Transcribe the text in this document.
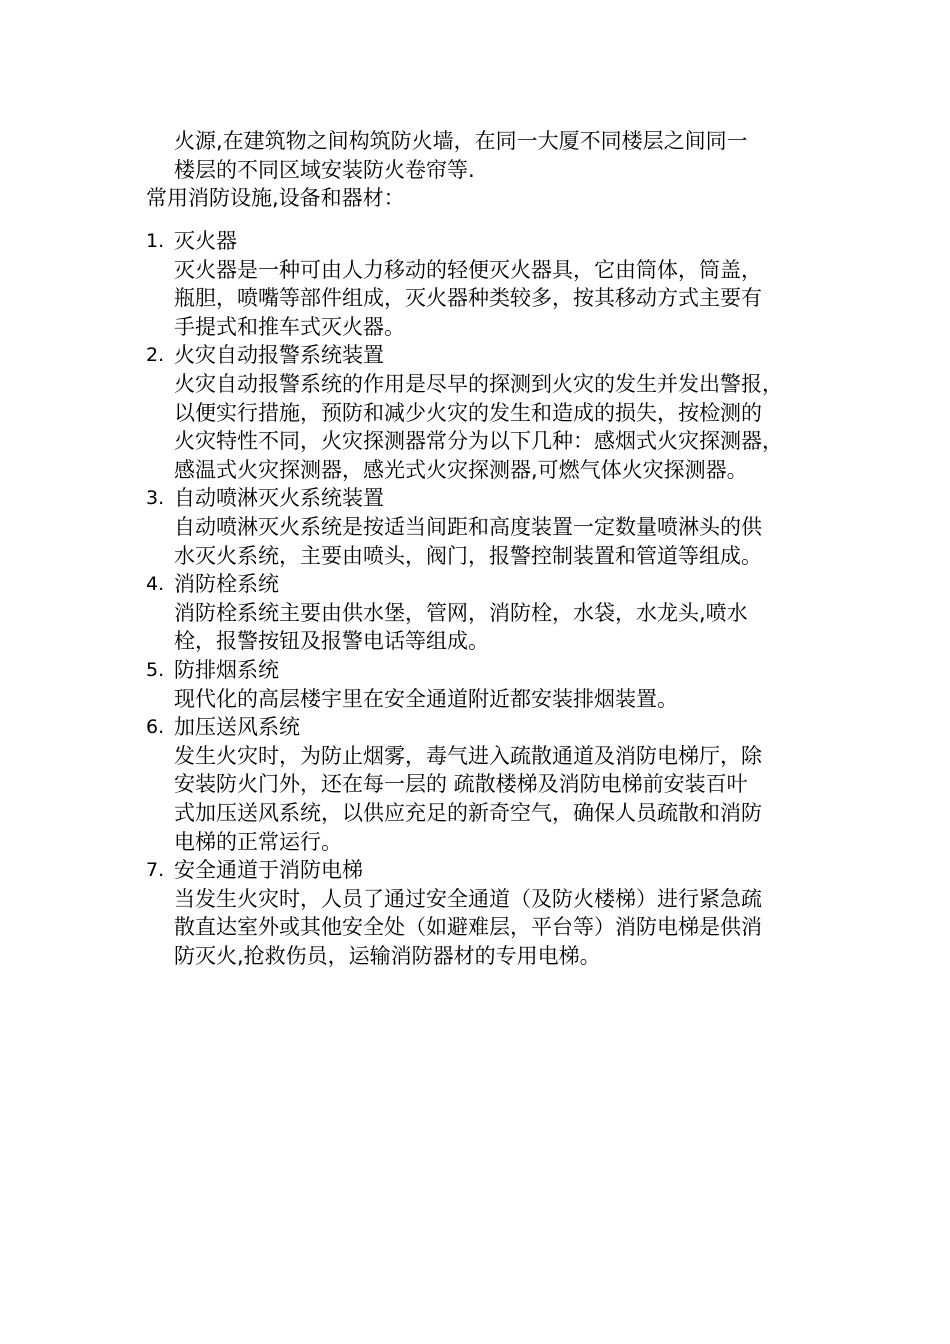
火源,在建筑物之间构筑防火墙，在同一大厦不同楼层之间同一
楼层的不同区域安装防火卷帘等.
常用消防设施,设备和器材：
1. 灭火器
灭火器是一种可由人力移动的轻便灭火器具，它由筒体，筒盖，
瓶胆，喷嘴等部件组成，灭火器种类较多，按其移动方式主要有
手提式和推车式灭火器。
2. 火灾自动报警系统装置
火灾自动报警系统的作用是尽早的探测到火灾的发生并发出警报，
以便实行措施，预防和减少火灾的发生和造成的损失，按检测的
火灾特性不同，火灾探测器常分为以下几种：感烟式火灾探测器，
感温式火灾探测器，感光式火灾探测器,可燃气体火灾探测器。
3. 自动喷淋灭火系统装置
自动喷淋灭火系统是按适当间距和高度装置一定数量喷淋头的供
水灭火系统，主要由喷头，阀门，报警控制装置和管道等组成。
4. 消防栓系统
消防栓系统主要由供水堡，管网，消防栓，水袋，水龙头,喷水
栓，报警按钮及报警电话等组成。
5. 防排烟系统
现代化的高层楼宇里在安全通道附近都安装排烟装置。
6. 加压送风系统
发生火灾时，为防止烟雾，毒气进入疏散通道及消防电梯厅，除
安装防火门外，还在每一层的 疏散楼梯及消防电梯前安装百叶
式加压送风系统，以供应充足的新奇空气，确保人员疏散和消防
电梯的正常运行。
7. 安全通道于消防电梯
当发生火灾时，人员了通过安全通道（及防火楼梯）进行紧急疏
散直达室外或其他安全处（如避难层，平台等）消防电梯是供消
防灭火,抢救伤员，运输消防器材的专用电梯。
